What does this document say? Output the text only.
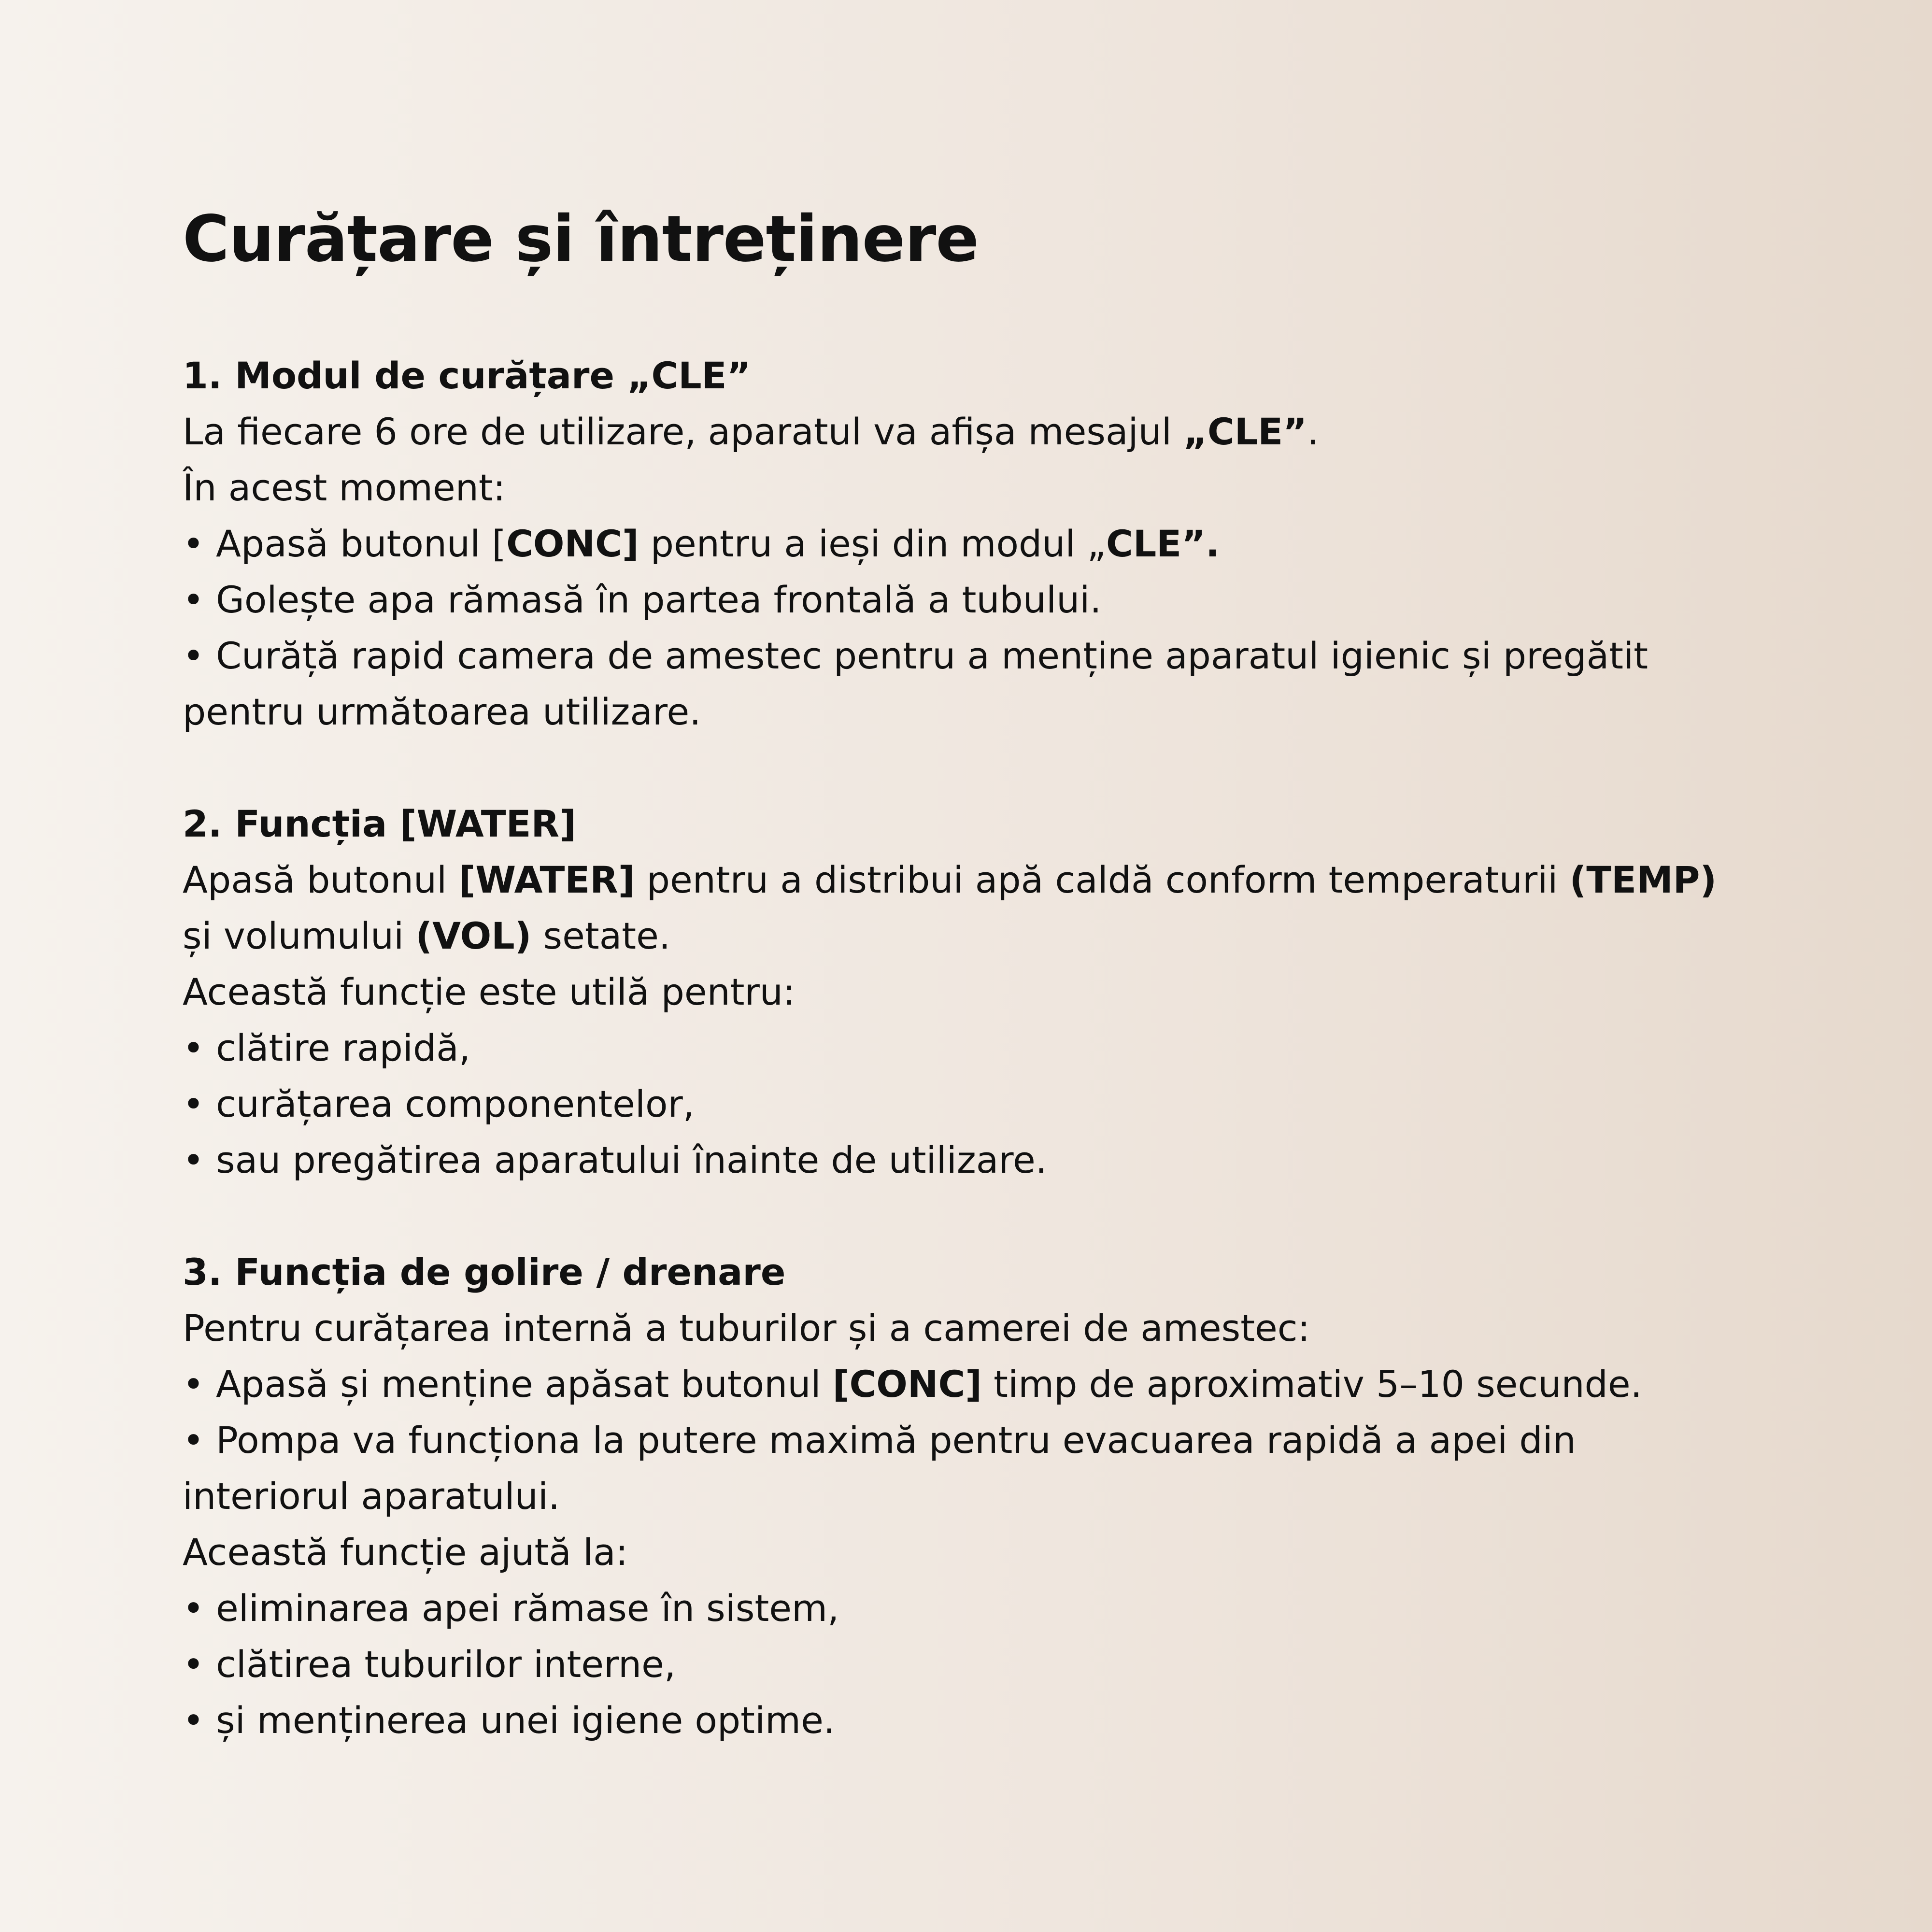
Curățare și întreținere
1. Modul de curățare „CLE”
La fiecare 6 ore de utilizare, aparatul va afișa mesajul „CLE”.
În acest moment:
• Apasă butonul [CONC] pentru a ieși din modul „CLE”.
• Golește apa rămasă în partea frontală a tubului.
• Curăță rapid camera de amestec pentru a menține aparatul igienic și pregătit
pentru următoarea utilizare.
2. Funcția [WATER]
Apasă butonul [WATER] pentru a distribui apă caldă conform temperaturii (TEMP)
și volumului (VOL) setate.
Această funcție este utilă pentru:
• clătire rapidă,
• curățarea componentelor,
• sau pregătirea aparatului înainte de utilizare.
3. Funcția de golire / drenare
Pentru curățarea internă a tuburilor și a camerei de amestec:
• Apasă și menține apăsat butonul [CONC] timp de aproximativ 5–10 secunde.
• Pompa va funcționa la putere maximă pentru evacuarea rapidă a apei din
interiorul aparatului.
Această funcție ajută la:
• eliminarea apei rămase în sistem,
• clătirea tuburilor interne,
• și menținerea unei igiene optime.
